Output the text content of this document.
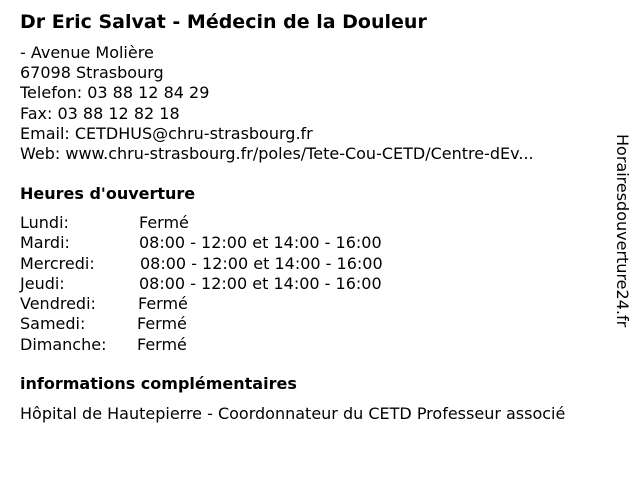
Dr Eric Salvat - Médecin de la Douleur
- Avenue Molière
67098 Strasbourg
Telefon: 03 88 12 84 29
Fax: 03 88 12 82 18
Email: CETDHUS@chru-strasbourg.fr
Web: www.chru-strasbourg.fr/poles/Tete-Cou-CETD/Centre-dEv...
Heures d'ouverture
Lundi:	Fermé
Mardi:	08:00 - 12:00 et 14:00 - 16:00
Mercredi:	08:00 - 12:00 et 14:00 - 16:00
Jeudi:	08:00 - 12:00 et 14:00 - 16:00
Vendredi:	Fermé
Samedi:	Fermé
Dimanche: Fermé
informations complémentaires
Hôpital de Hautepierre - Coordonnateur du CETD Professeur associé
Horairesdouverture24.fr
